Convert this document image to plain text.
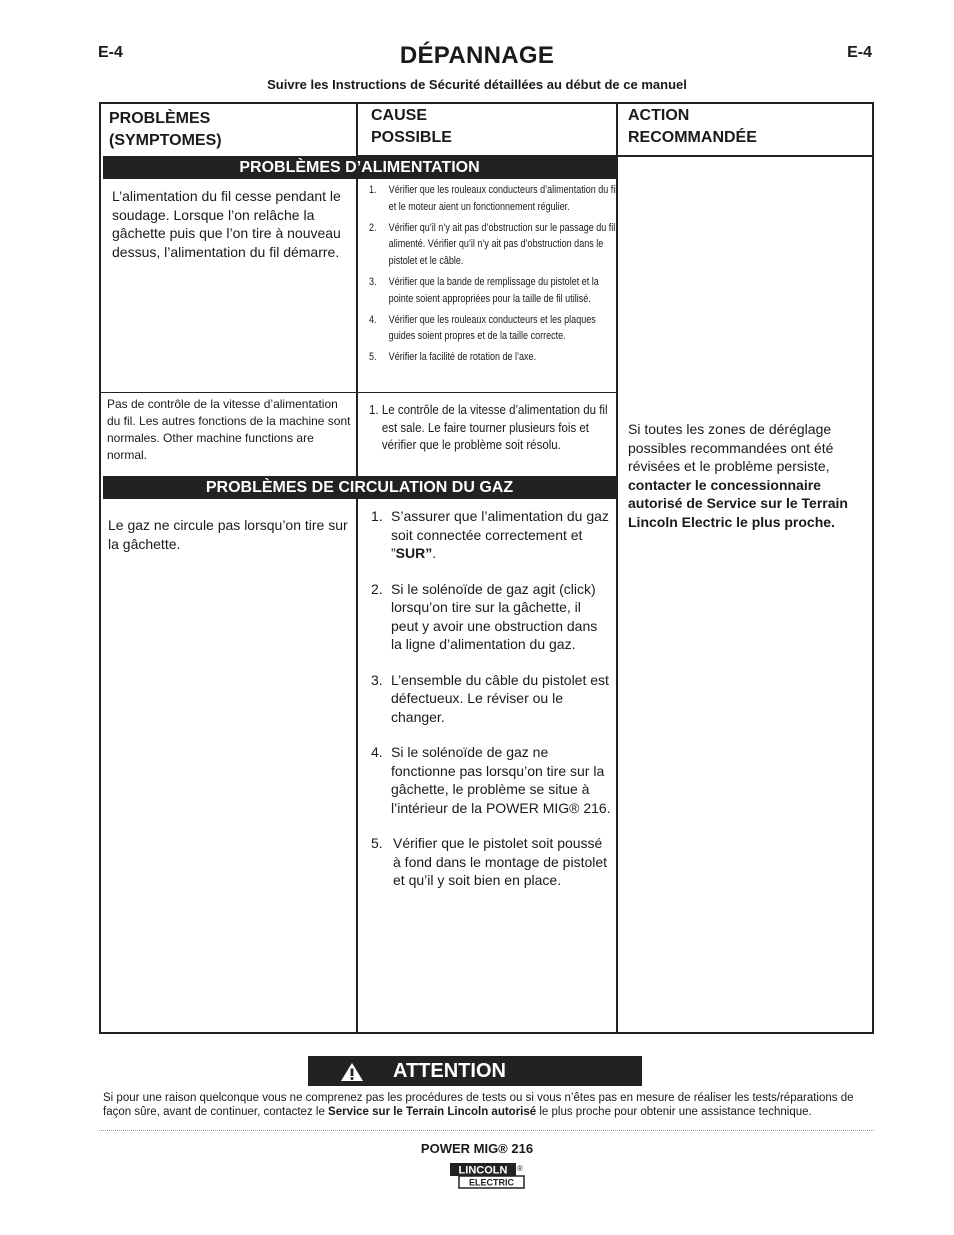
E-4	E-4
DÉPANNAGE
Suivre les Instructions de Sécurité détaillées au début de ce manuel
PROBLÈMES
(SYMPTOMES)
CAUSE
POSSIBLE
ACTION
RECOMMANDÉE
PROBLÈMES D’ALIMENTATION
L’alimentation du fil cesse pendant le soudage. Lorsque l’on relâche la gâchette puis que l’on tire à nouveau dessus, l’alimentation du fil démarre.
1. Vérifier que les rouleaux conducteurs d’alimentation du fil et le moteur aient un fonctionnement régulier.
2. Vérifier qu’il n’y ait pas d’obstruction sur le passage du fil alimenté. Vérifier qu’il n’y ait pas d’obstruction dans le pistolet et le câble.
3. Vérifier que la bande de remplissage du pistolet et la pointe soient appropriées pour la taille de fil utilisé.
4. Vérifier que les rouleaux conducteurs et les plaques guides soient propres et de la taille correcte.
5. Vérifier la facilité de rotation de l’axe.
Pas de contrôle de la vitesse d’alimentation du fil. Les autres fonctions de la machine sont normales. Other machine functions are normal.
1. Le contrôle de la vitesse d’alimentation du fil est sale. Le faire tourner plusieurs fois et vérifier que le problème soit résolu.
PROBLÈMES DE CIRCULATION DU GAZ
Le gaz ne circule pas lorsqu’on tire sur la gâchette.
1. S’assurer que l’alimentation du gaz soit connectée correctement et ”SUR”.
2. Si le solénoïde de gaz agit (click) lorsqu’on tire sur la gâchette, il peut y avoir une obstruction dans la ligne d’alimentation du gaz.
3. L’ensemble du câble du pistolet est défectueux. Le réviser ou le changer.
4. Si le solénoïde de gaz ne fonctionne pas lorsqu’on tire sur la gâchette, le problème se situe à l’intérieur de la POWER MIG® 216.
5. Vérifier que le pistolet soit poussé à fond dans le montage de pistolet et qu’il y soit bien en place.
Si toutes les zones de déréglage possibles recommandées ont été révisées et le problème persiste, contacter le concessionnaire autorisé de Service sur le Terrain Lincoln Electric le plus proche.
ATTENTION
Si pour une raison quelconque vous ne comprenez pas les procédures de tests ou si vous n’êtes pas en mesure de réaliser les tests/réparations de façon sûre, avant de continuer, contactez le Service sur le Terrain Lincoln autorisé le plus proche pour obtenir une assistance technique.
POWER MIG® 216
LINCOLN ®
ELECTRIC
